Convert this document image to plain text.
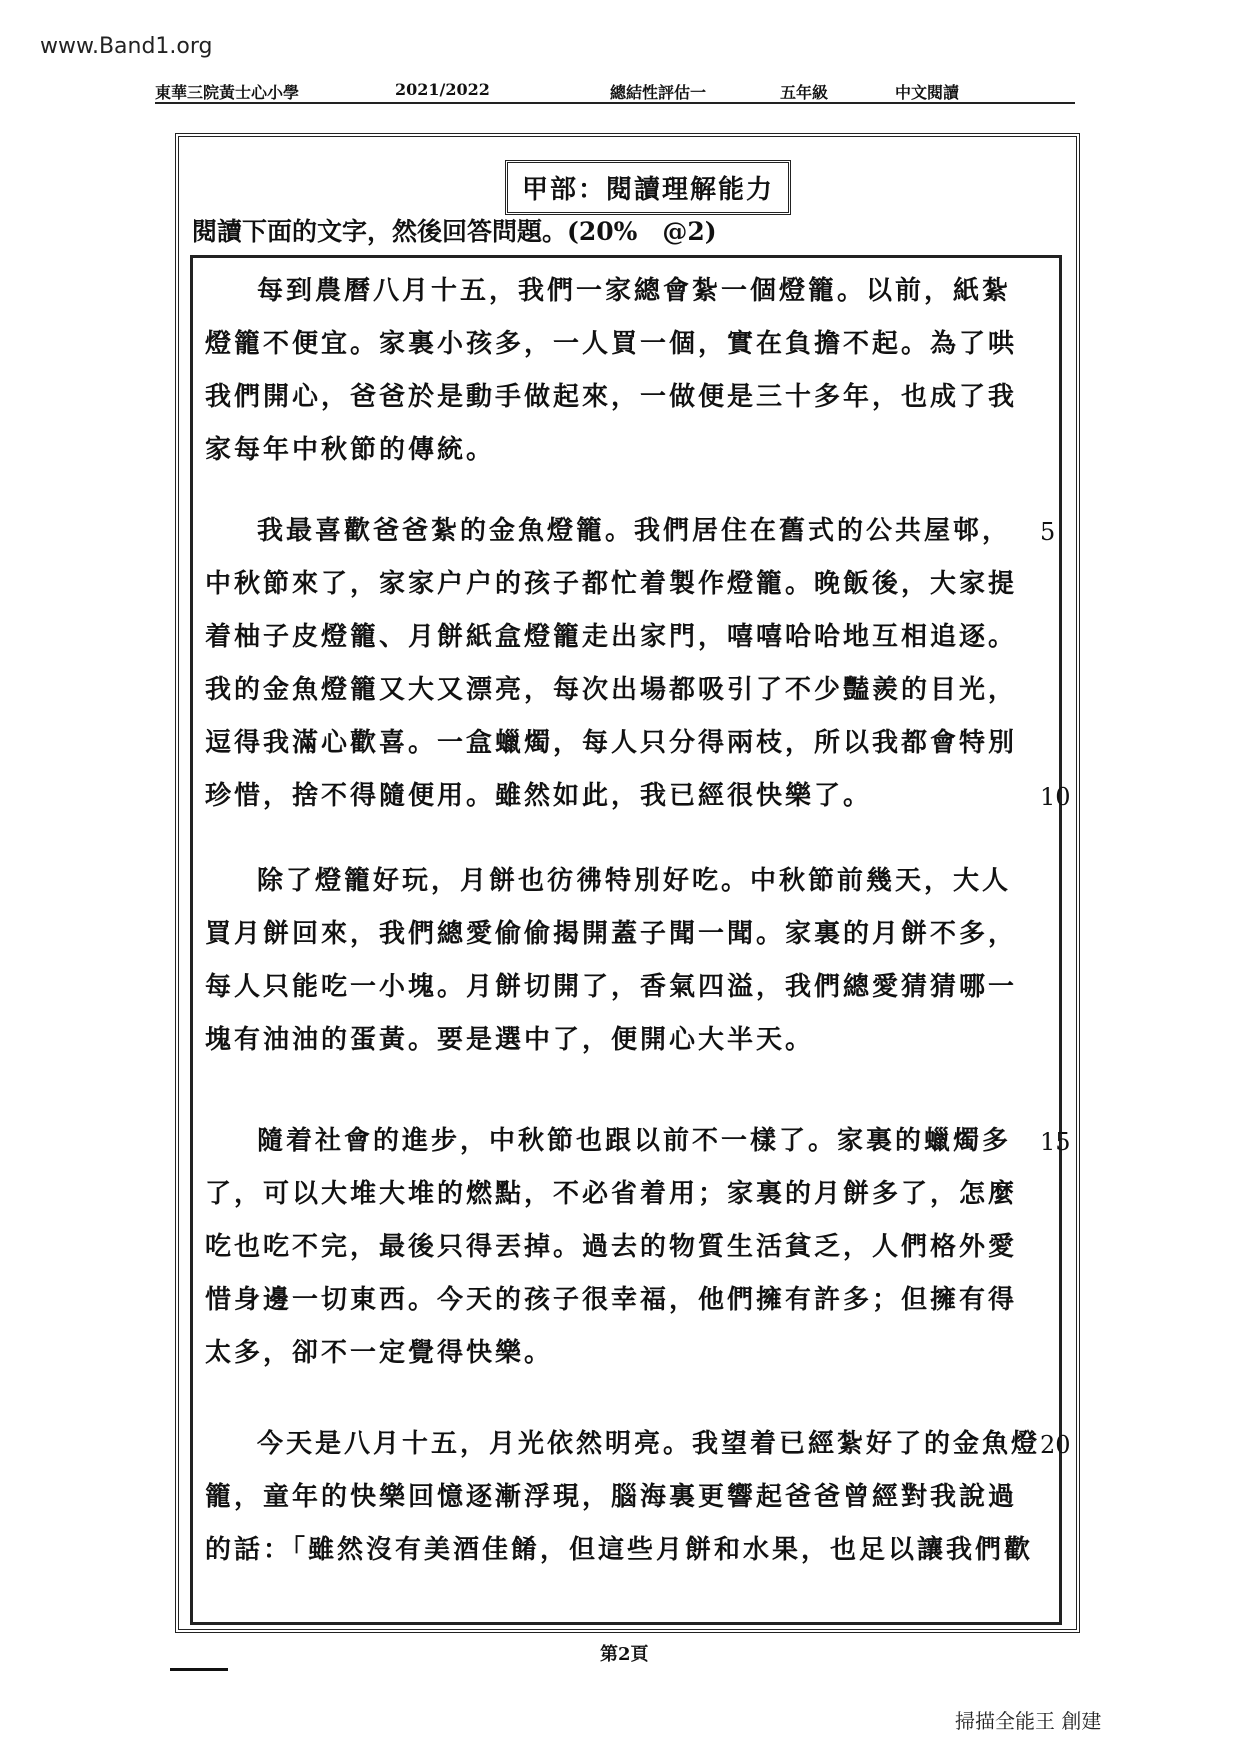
www.Band1.org
東華三院黃士心小學	2021/2022	總結性評估一	五年級	中文閱讀
甲部：閱讀理解能力
閱讀下面的文字，然後回答問題。(20%　@2)
每到農曆八月十五，我們一家總會紮一個燈籠。以前，紙紮
燈籠不便宜。家裏小孩多，一人買一個，實在負擔不起。為了哄
我們開心，爸爸於是動手做起來，一做便是三十多年，也成了我
家每年中秋節的傳統。
我最喜歡爸爸紮的金魚燈籠。我們居住在舊式的公共屋邨，
中秋節來了，家家户户的孩子都忙着製作燈籠。晚飯後，大家提
着柚子皮燈籠、月餅紙盒燈籠走出家門，嘻嘻哈哈地互相追逐。
我的金魚燈籠又大又漂亮，每次出場都吸引了不少豔羨的目光，
逗得我滿心歡喜。一盒蠟燭，每人只分得兩枝，所以我都會特別
珍惜，捨不得隨便用。雖然如此，我已經很快樂了。
除了燈籠好玩，月餅也彷彿特別好吃。中秋節前幾天，大人
買月餅回來，我們總愛偷偷揭開蓋子聞一聞。家裏的月餅不多，
每人只能吃一小塊。月餅切開了，香氣四溢，我們總愛猜猜哪一
塊有油油的蛋黃。要是選中了，便開心大半天。
隨着社會的進步，中秋節也跟以前不一樣了。家裏的蠟燭多
了，可以大堆大堆的燃點，不必省着用；家裏的月餅多了，怎麼
吃也吃不完，最後只得丟掉。過去的物質生活貧乏，人們格外愛
惜身邊一切東西。今天的孩子很幸福，他們擁有許多；但擁有得
太多，卻不一定覺得快樂。
今天是八月十五，月光依然明亮。我望着已經紮好了的金魚燈
籠，童年的快樂回憶逐漸浮現，腦海裏更響起爸爸曾經對我說過
的話：「雖然沒有美酒佳餚，但這些月餅和水果，也足以讓我們歡
5
10
15
20
第2頁
掃描全能王 創建
